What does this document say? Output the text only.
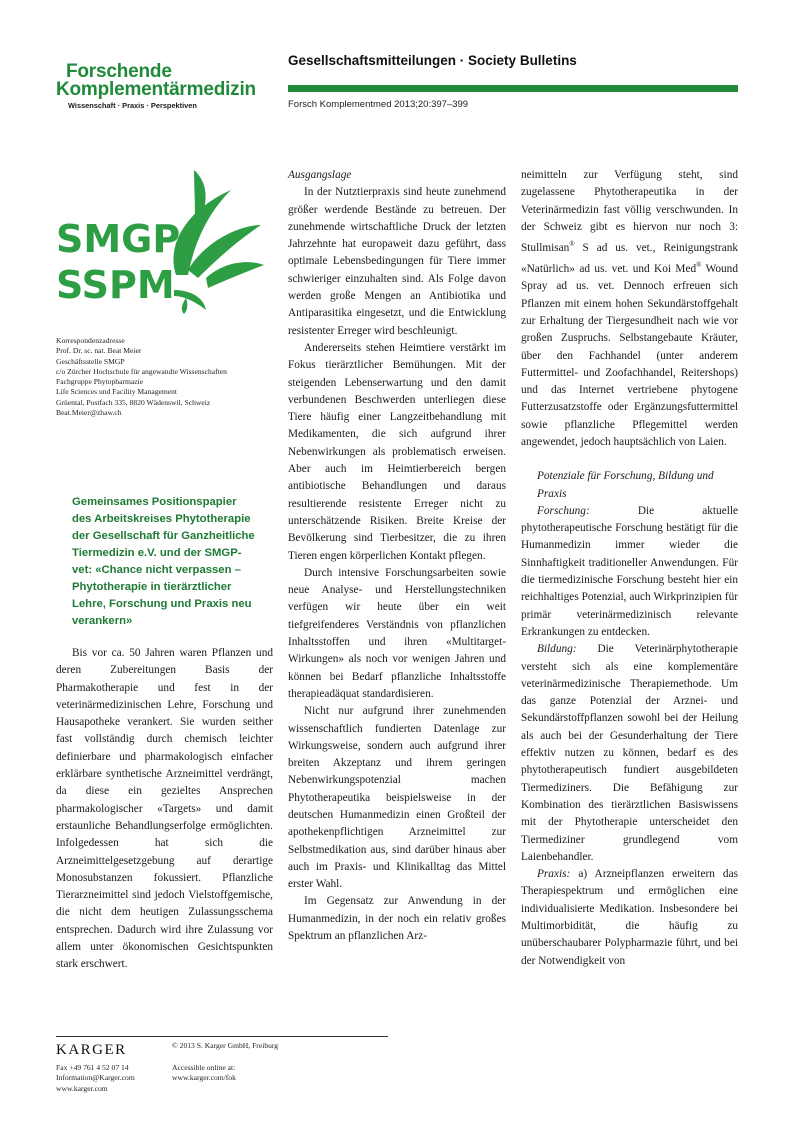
Forschende
Komplementärmedizin
Wissenschaft · Praxis · Perspektiven
Gesellschaftsmitteilungen · Society Bulletins
Forsch Komplementmed 2013;20:397–399
SMGP
SSPM
Korrespondenzadresse
Prof. Dr. sc. nat. Beat Meier
Geschäftsstelle SMGP
c/o Zürcher Hochschule für angewandte Wissenschaften
Fachgruppe Phytopharmazie
Life Sciences und Facility Management
Grüental, Postfach 335, 8820 Wädenswil, Schweiz
Beat.Meier@zhaw.ch
Gemeinsames Positionspapier
des Arbeitskreises Phytotherapie
der Gesellschaft für Ganzheitliche
Tiermedizin e.V. und der SMGP-
vet: «Chance nicht verpassen –
Phytotherapie in tierärztlicher
Lehre, Forschung und Praxis neu
verankern»

Bis vor ca. 50 Jahren waren Pflanzen und deren Zubereitungen Basis der Pharmakotherapie und fest in der veterinärmedizinischen Lehre, Forschung und Hausapotheke verankert. Sie wurden seither fast vollständig durch chemisch leichter definierbare und pharmakologisch einfacher erklärbare synthetische Arzneimittel verdrängt, da diese ein gezieltes Ansprechen pharmakologischer «Targets» und damit erstaunliche Behandlungserfolge ermöglichten. Infolgedessen hat sich die Arzneimittelgesetzgebung auf derartige Monosubstanzen fokussiert. Pflanzliche Tierarzneimittel sind jedoch Vielstoffgemische, die nicht dem heutigen Zulassungsschema entsprechen. Dadurch wird ihre Zulassung vor allem unter ökonomischen Gesichtspunkten stark erschwert.

Ausgangslage

In der Nutztierpraxis sind heute zunehmend größer werdende Bestände zu betreuen. Der zunehmende wirtschaftliche Druck der letzten Jahrzehnte hat europaweit dazu geführt, dass optimale Lebensbedingungen für Tiere immer schwieriger einzuhalten sind. Als Folge davon werden große Mengen an Antibiotika und Antiparasitika eingesetzt, und die Entwicklung resistenter Erreger wird beschleunigt.

Andererseits stehen Heimtiere verstärkt im Fokus tierärztlicher Bemühungen. Mit der steigenden Lebenserwartung und den damit verbundenen Beschwerden unterliegen diese Tiere häufig einer Langzeitbehandlung mit Medikamenten, die sich aufgrund ihrer Nebenwirkungen als problematisch erweisen. Aber auch im Heimtierbereich bergen antibiotische Behandlungen und daraus resultierende resistente Erreger nicht zu unterschätzende Risiken. Breite Kreise der Bevölkerung sind Tierbesitzer, die zu ihren Tieren engen körperlichen Kontakt pflegen.

Durch intensive Forschungsarbeiten sowie neue Analyse- und Herstellungstechniken verfügen wir heute über ein weit tiefgreifenderes Verständnis von pflanzlichen Inhaltsstoffen und ihren «Multitarget-Wirkungen» als noch vor wenigen Jahren und können bei Bedarf pflanzliche Inhaltsstoffe therapieadäquat standardisieren.

Nicht nur aufgrund ihrer zunehmenden wissenschaftlich fundierten Datenlage zur Wirkungsweise, sondern auch aufgrund ihrer breiten Akzeptanz und ihrem geringen Nebenwirkungspotenzial machen Phytotherapeutika beispielsweise in der deutschen Humanmedizin einen Großteil der apothekenpflichtigen Arzneimittel zur Selbstmedikation aus, sind darüber hinaus aber auch im Praxis- und Klinikalltag das Mittel erster Wahl.

Im Gegensatz zur Anwendung in der Humanmedizin, in der noch ein relativ großes Spektrum an pflanzlichen Arz-

neimitteln zur Verfügung steht, sind zugelassene Phytotherapeutika in der Veterinärmedizin fast völlig verschwunden. In der Schweiz gibt es hiervon nur noch 3: Stullmisan® S ad us. vet., Reinigungstrank «Natürlich» ad us. vet. und Koi Med® Wound Spray ad us. vet. Dennoch erfreuen sich Pflanzen mit einem hohen Sekundärstoffgehalt zur Erhaltung der Tiergesundheit nach wie vor großen Zuspruchs. Selbstangebaute Kräuter, über den Fachhandel (unter anderem Futtermittel- und Zoofachhandel, Reitershops) und das Internet vertriebene phytogene Futterzusatzstoffe oder Ergänzungsfuttermittel sowie pflanzliche Pflegemittel werden angewendet, jedoch hauptsächlich von Laien.

Potenziale für Forschung, Bildung und Praxis

Forschung: Die aktuelle phytotherapeutische Forschung bestätigt für die Humanmedizin immer wieder die Sinnhaftigkeit traditioneller Anwendungen. Für die tiermedizinische Forschung besteht hier ein reichhaltiges Potenzial, auch Wirkprinzipien für primär veterinärmedizinisch relevante Erkrankungen zu entdecken.

Bildung: Die Veterinärphytotherapie versteht sich als eine komplementäre veterinärmedizinische Therapiemethode. Um das ganze Potenzial der Arznei- und Sekundärstoffpflanzen sowohl bei der Heilung als auch bei der Gesunderhaltung der Tiere effektiv nutzen zu können, bedarf es des phytotherapeutisch fundiert ausgebildeten Tiermediziners. Die Befähigung zur Kombination des tierärztlichen Basiswissens mit der Phytotherapie unterscheidet den Tiermediziner grundlegend vom Laienbehandler.

Praxis: a) Arzneipflanzen erweitern das Therapiespektrum und ermöglichen eine individualisierte Medikation. Insbesondere bei Multimorbidität, die häufig zu unüberschaubarer Polypharmazie führt, und bei der Notwendigkeit von

KARGER	© 2013 S. Karger GmbH, Freiburg
Fax +49 761 4 52 07 14
Information@Karger.com
www.karger.com
Accessible online at:
www.karger.com/fok
